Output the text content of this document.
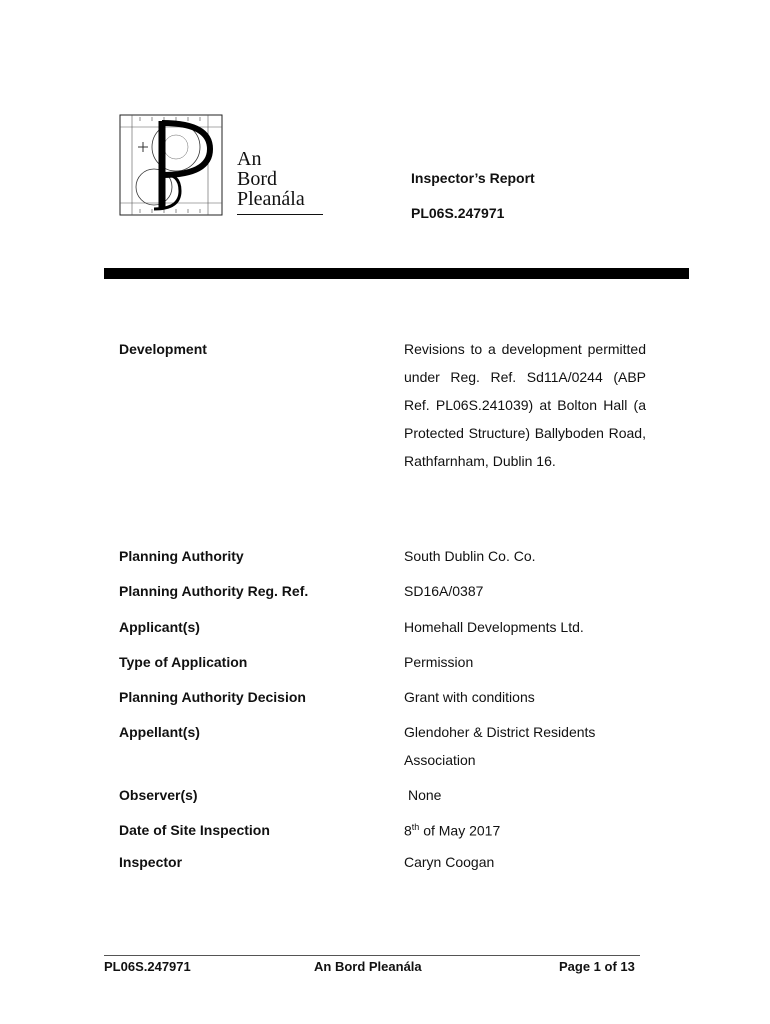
An
Bord
Pleanála
Inspector’s Report
PL06S.247971
Development	Revisions to a development permitted under Reg. Ref. Sd11A/0244 (ABP Ref. PL06S.241039) at Bolton Hall (a Protected Structure) Ballyboden Road, Rathfarnham, Dublin 16.
Planning Authority	South Dublin Co. Co.
Planning Authority Reg. Ref.	SD16A/0387
Applicant(s)	Homehall Developments Ltd.
Type of Application	Permission
Planning Authority Decision	Grant with conditions
Appellant(s)	Glendoher & District Residents
Association
Observer(s)	None
Date of Site Inspection	8th of May 2017
Inspector	Caryn Coogan
PL06S.247971	An Bord Pleanála	Page 1 of 13
